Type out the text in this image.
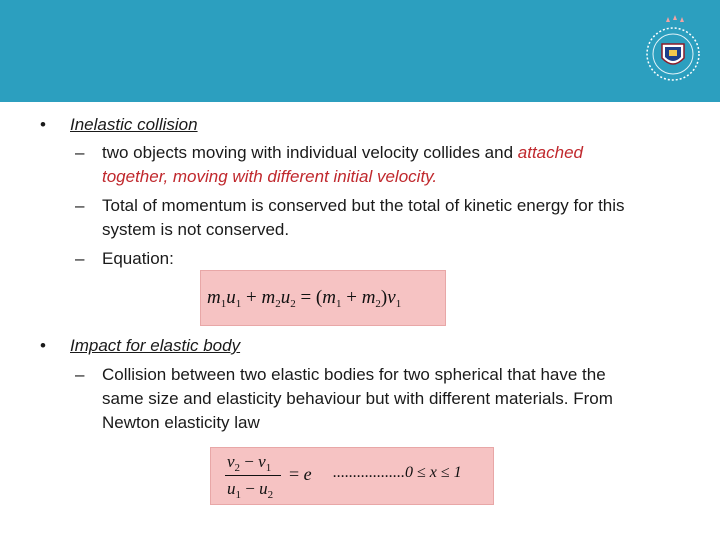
• Inelastic collision
– two objects moving with individual velocity collides and attached
together, moving with different initial velocity.
– Total of momentum is conserved but the total of kinetic energy for this
system is not conserved.
– Equation:
$m_1u_1 + m_2u_2 = (m_1 + m_2)v_1$
• Impact for elastic body
– Collision between two elastic bodies for two spherical that have the
same size and elasticity behaviour but with different materials. From
Newton elasticity law
$v_2 - v_1$
$u_1 - u_2$
= e ..................0 ≤ x ≤ 1
